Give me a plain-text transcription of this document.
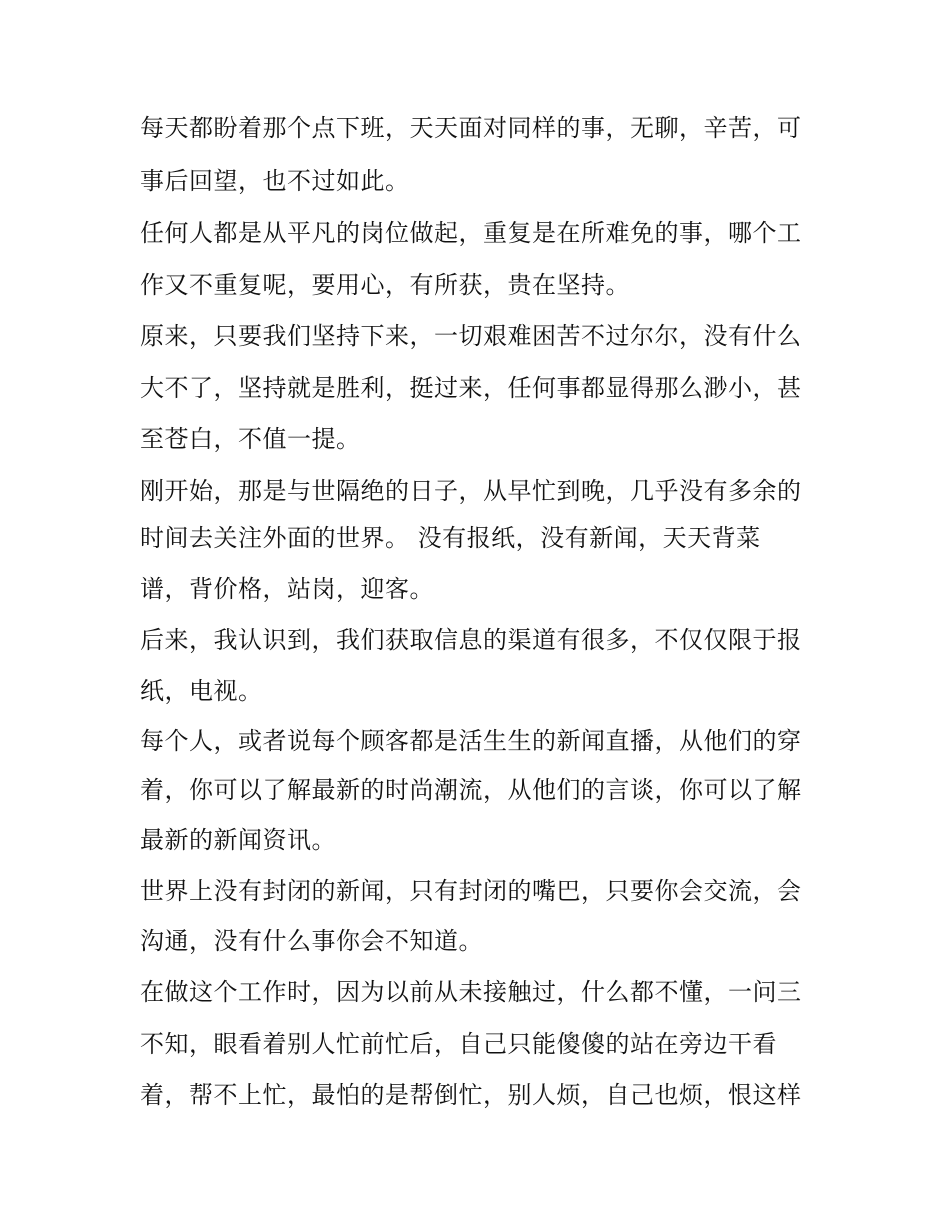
每天都盼着那个点下班，天天面对同样的事，无聊，辛苦，可
事后回望，也不过如此。
任何人都是从平凡的岗位做起，重复是在所难免的事，哪个工
作又不重复呢，要用心，有所获，贵在坚持。
原来，只要我们坚持下来，一切艰难困苦不过尔尔，没有什么
大不了，坚持就是胜利，挺过来，任何事都显得那么渺小，甚
至苍白，不值一提。
刚开始，那是与世隔绝的日子，从早忙到晚，几乎没有多余的
时间去关注外面的世界。 没有报纸，没有新闻，天天背菜
谱，背价格，站岗，迎客。
后来，我认识到，我们获取信息的渠道有很多，不仅仅限于报
纸，电视。
每个人，或者说每个顾客都是活生生的新闻直播，从他们的穿
着，你可以了解最新的时尚潮流，从他们的言谈，你可以了解
最新的新闻资讯。
世界上没有封闭的新闻，只有封闭的嘴巴，只要你会交流，会
沟通，没有什么事你会不知道。
在做这个工作时，因为以前从未接触过，什么都不懂，一问三
不知，眼看着别人忙前忙后，自己只能傻傻的站在旁边干看
着，帮不上忙，最怕的是帮倒忙，别人烦，自己也烦，恨这样
